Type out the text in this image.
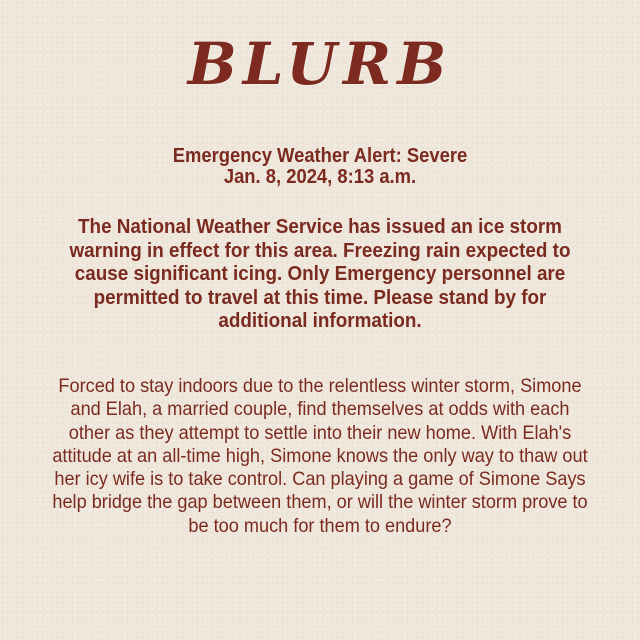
BLURB
Emergency Weather Alert: Severe
Jan. 8, 2024, 8:13 a.m.
The National Weather Service has issued an ice storm warning in effect for this area. Freezing rain expected to cause significant icing. Only Emergency personnel are permitted to travel at this time. Please stand by for additional information.
Forced to stay indoors due to the relentless winter storm, Simone and Elah, a married couple, find themselves at odds with each other as they attempt to settle into their new home. With Elah's attitude at an all-time high, Simone knows the only way to thaw out her icy wife is to take control. Can playing a game of Simone Says help bridge the gap between them, or will the winter storm prove to be too much for them to endure?
